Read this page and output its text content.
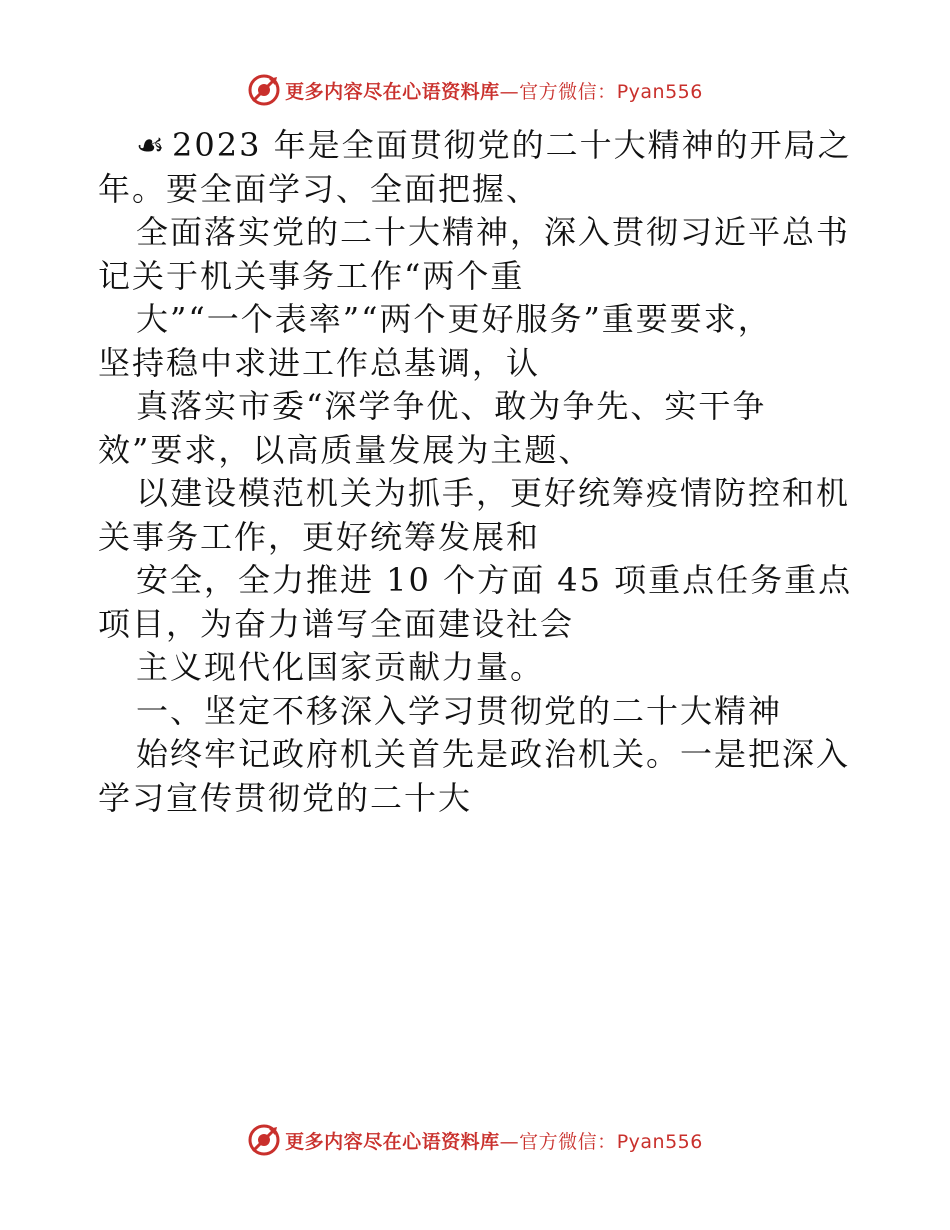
更多内容尽在心语资料库—官方微信：Pyan556
☙ 2023 年是全面贯彻党的二十大精神的开局之
年。要全面学习、全面把握、
全面落实党的二十大精神，深入贯彻习近平总书
记关于机关事务工作“两个重
大”“一个表率”“两个更好服务”重要要求，
坚持稳中求进工作总基调，认
真落实市委“深学争优、敢为争先、实干争
效”要求，以高质量发展为主题、
以建设模范机关为抓手，更好统筹疫情防控和机
关事务工作，更好统筹发展和
安全，全力推进 10 个方面 45 项重点任务重点
项目，为奋力谱写全面建设社会
主义现代化国家贡献力量。
一、坚定不移深入学习贯彻党的二十大精神
始终牢记政府机关首先是政治机关。一是把深入
学习宣传贯彻党的二十大
更多内容尽在心语资料库—官方微信：Pyan556
